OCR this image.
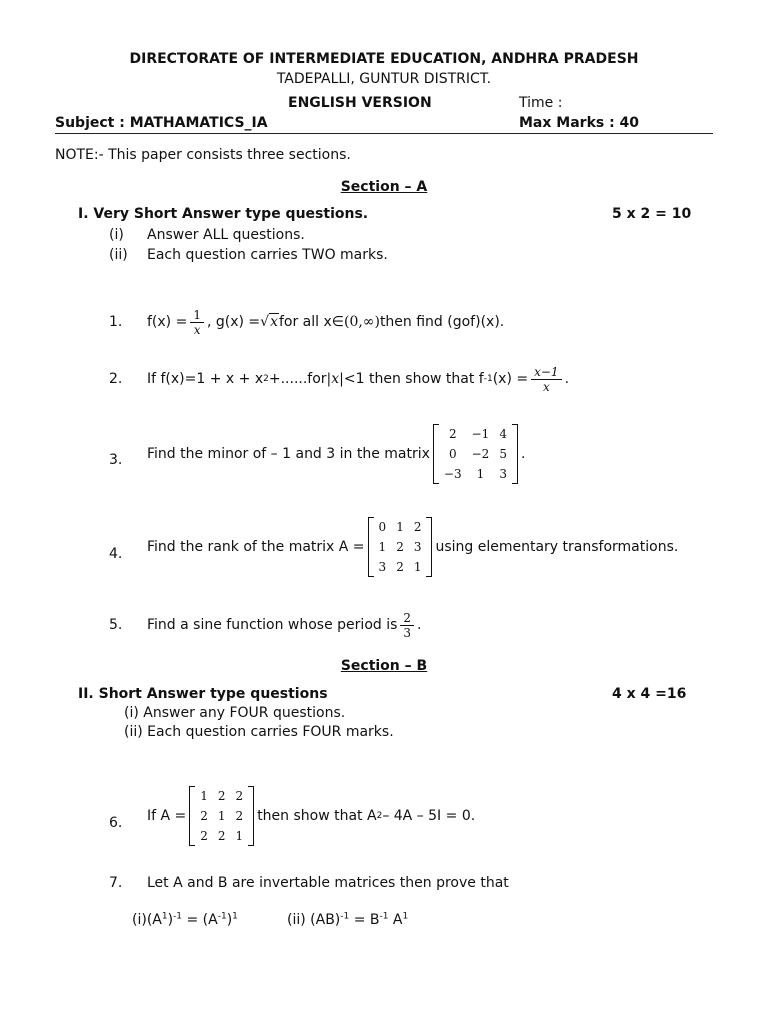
DIRECTORATE OF INTERMEDIATE EDUCATION, ANDHRA PRADESH
TADEPALLI, GUNTUR DISTRICT.
ENGLISH VERSION	Time :
Subject : MATHAMATICS_IA	Max Marks : 40
NOTE:- This paper consists three sections.
Section – A
I. Very Short Answer type questions.	5 x 2 = 10
(i) Answer ALL questions.
(ii) Each question carries TWO marks.
1. $f(x) = \frac{1}{x}$ , g(x) = √x for all x∈ (0,∞) then find (gof)(x).
2. If f(x)=1 + x + x 2 +......for |x| <1 then show that f -1 $(x) = \frac{x-1}{x}$ .
3. Find the minor of – 1 and 3 in the matrix
2	−1	4
0	−2	5
−3	1	3
.
4. Find the rank of the matrix A =
0	1	2
1	2	3
3	2	1
using elementary transformations.
5. Find a sine function whose period is $\frac{2}{3}$ .
Section – B
II. Short Answer type questions	4 x 4 =16
(i) Answer any FOUR questions.
(ii) Each question carries FOUR marks.
6. If A =
1	2	2
2	1	2
2	2	1
then show that A 2 – 4A – 5I = 0.
7. Let A and B are invertable matrices then prove that
$(i)(A^1)^{-1} = (A^{-1})^1$	(ii) $(AB)^{-1} = B^{-1}$ $A^1$
